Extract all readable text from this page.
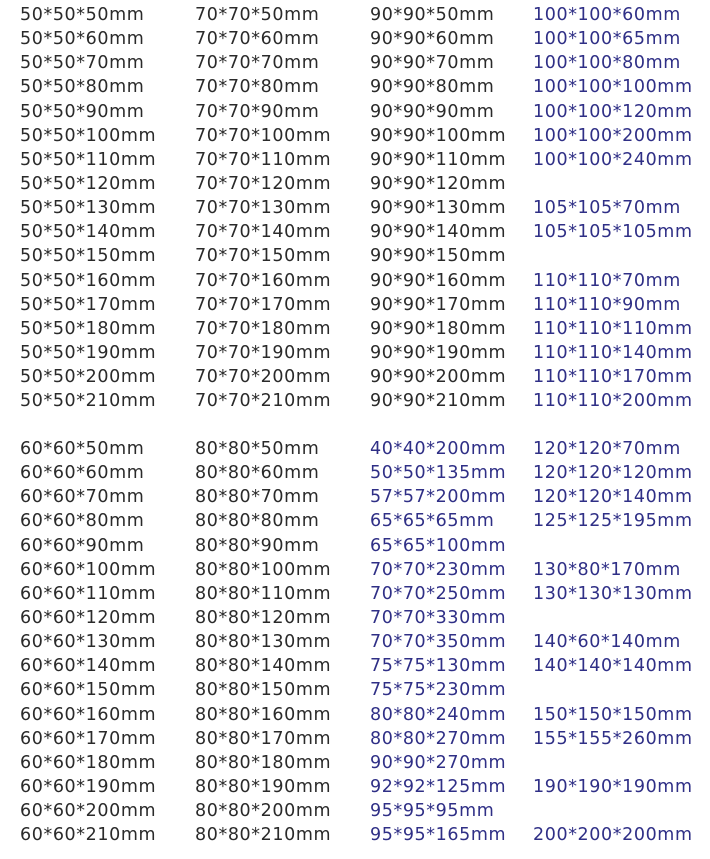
50*50*50mm	70*70*50mm	90*90*50mm 100*100*60mm
50*50*60mm	70*70*60mm	90*90*60mm 100*100*65mm
50*50*70mm	70*70*70mm	90*90*70mm 100*100*80mm
50*50*80mm	70*70*80mm	90*90*80mm 100*100*100mm
50*50*90mm	70*70*90mm	90*90*90mm 100*100*120mm
50*50*100mm 70*70*100mm 90*90*100mm 100*100*200mm
50*50*110mm 70*70*110mm 90*90*110mm 100*100*240mm
50*50*120mm 70*70*120mm 90*90*120mm
50*50*130mm 70*70*130mm 90*90*130mm 105*105*70mm
50*50*140mm 70*70*140mm 90*90*140mm 105*105*105mm
50*50*150mm 70*70*150mm 90*90*150mm
50*50*160mm 70*70*160mm 90*90*160mm 110*110*70mm
50*50*170mm 70*70*170mm 90*90*170mm 110*110*90mm
50*50*180mm 70*70*180mm 90*90*180mm 110*110*110mm
50*50*190mm 70*70*190mm 90*90*190mm 110*110*140mm
50*50*200mm 70*70*200mm 90*90*200mm 110*110*170mm
50*50*210mm 70*70*210mm 90*90*210mm 110*110*200mm
60*60*50mm	80*80*50mm	40*40*200mm 120*120*70mm
60*60*60mm	80*80*60mm	50*50*135mm 120*120*120mm
60*60*70mm	80*80*70mm	57*57*200mm 120*120*140mm
60*60*80mm	80*80*80mm	65*65*65mm 125*125*195mm
60*60*90mm	80*80*90mm	65*65*100mm
60*60*100mm 80*80*100mm 70*70*230mm 130*80*170mm
60*60*110mm 80*80*110mm 70*70*250mm 130*130*130mm
60*60*120mm 80*80*120mm 70*70*330mm
60*60*130mm 80*80*130mm 70*70*350mm 140*60*140mm
60*60*140mm 80*80*140mm 75*75*130mm 140*140*140mm
60*60*150mm 80*80*150mm 75*75*230mm
60*60*160mm 80*80*160mm 80*80*240mm 150*150*150mm
60*60*170mm 80*80*170mm 80*80*270mm 155*155*260mm
60*60*180mm 80*80*180mm 90*90*270mm
60*60*190mm 80*80*190mm 92*92*125mm 190*190*190mm
60*60*200mm 80*80*200mm 95*95*95mm
60*60*210mm 80*80*210mm 95*95*165mm 200*200*200mm
